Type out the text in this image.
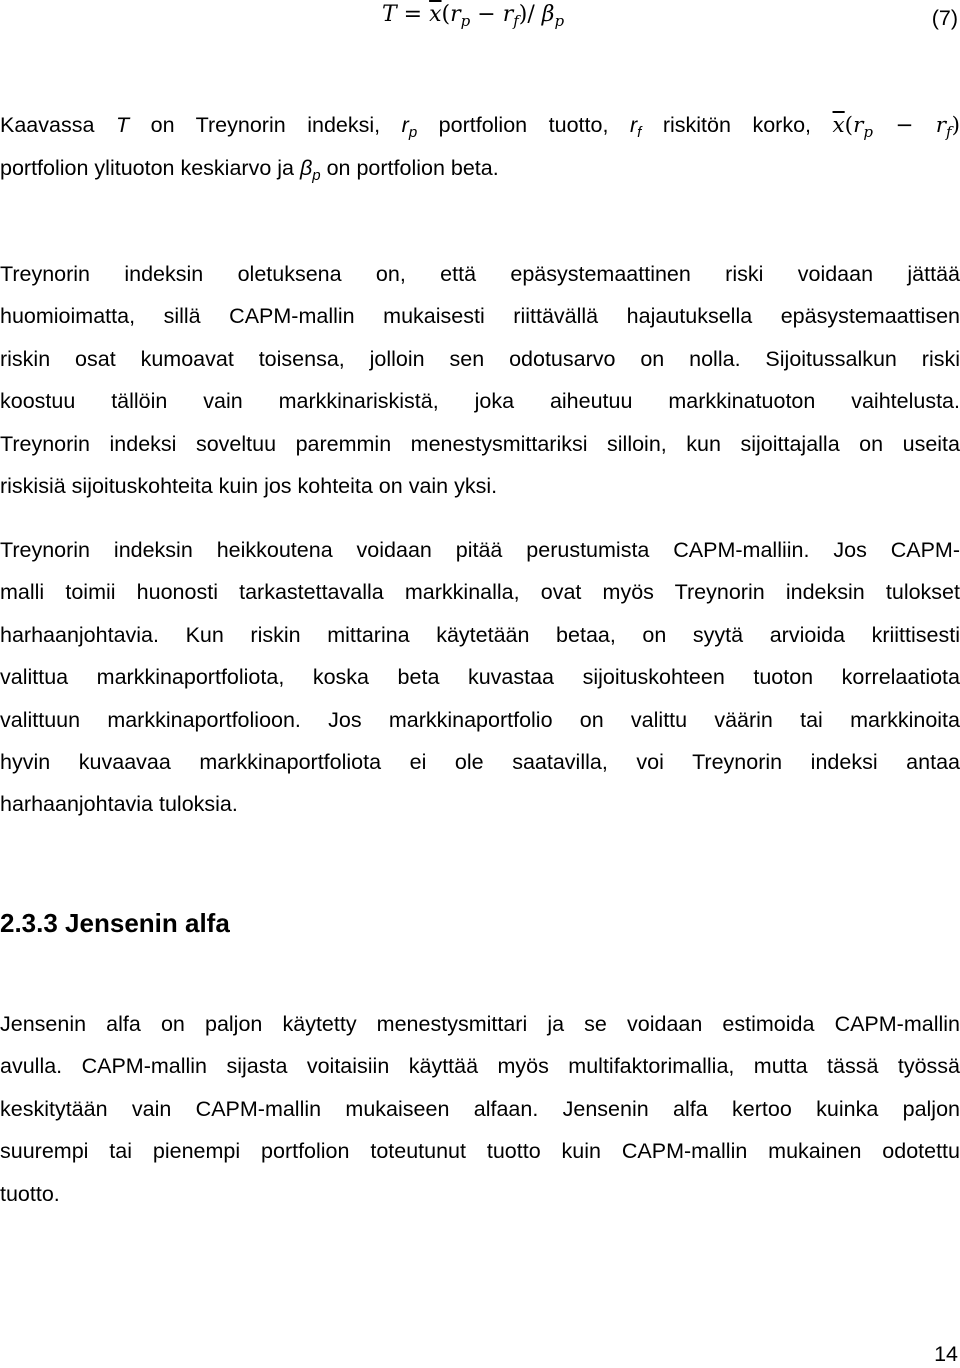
$T = \overline{x}(r_p - r_f)/$ $\beta_p$	(7)
Kaavassa T on Treynorin indeksi, $r_p$ portfolion tuotto, $r_f$ riskitön korko, $\overline{x}(r_p - r_f)$
portfolion ylituoton keskiarvo ja $\beta_p$ on portfolion beta.
Treynorin indeksin oletuksena on, että epäsystemaattinen riski voidaan jättää
huomioimatta, sillä CAPM-mallin mukaisesti riittävällä hajautuksella epäsystemaattisen
riskin osat kumoavat toisensa, jolloin sen odotusarvo on nolla. Sijoitussalkun riski
koostuu tällöin vain markkinariskistä, joka aiheutuu markkinatuoton vaihtelusta.
Treynorin indeksi soveltuu paremmin menestysmittariksi silloin, kun sijoittajalla on useita
riskisiä sijoituskohteita kuin jos kohteita on vain yksi.
Treynorin indeksin heikkoutena voidaan pitää perustumista CAPM-malliin. Jos CAPM-
malli toimii huonosti tarkastettavalla markkinalla, ovat myös Treynorin indeksin tulokset
harhaanjohtavia. Kun riskin mittarina käytetään betaa, on syytä arvioida kriittisesti
valittua markkinaportfoliota, koska beta kuvastaa sijoituskohteen tuoton korrelaatiota
valittuun markkinaportfolioon. Jos markkinaportfolio on valittu väärin tai markkinoita
hyvin kuvaavaa markkinaportfoliota ei ole saatavilla, voi Treynorin indeksi antaa
harhaanjohtavia tuloksia.
2.3.3 Jensenin alfa
Jensenin alfa on paljon käytetty menestysmittari ja se voidaan estimoida CAPM-mallin
avulla. CAPM-mallin sijasta voitaisiin käyttää myös multifaktorimallia, mutta tässä työssä
keskitytään vain CAPM-mallin mukaiseen alfaan. Jensenin alfa kertoo kuinka paljon
suurempi tai pienempi portfolion toteutunut tuotto kuin CAPM-mallin mukainen odotettu
tuotto.
14
